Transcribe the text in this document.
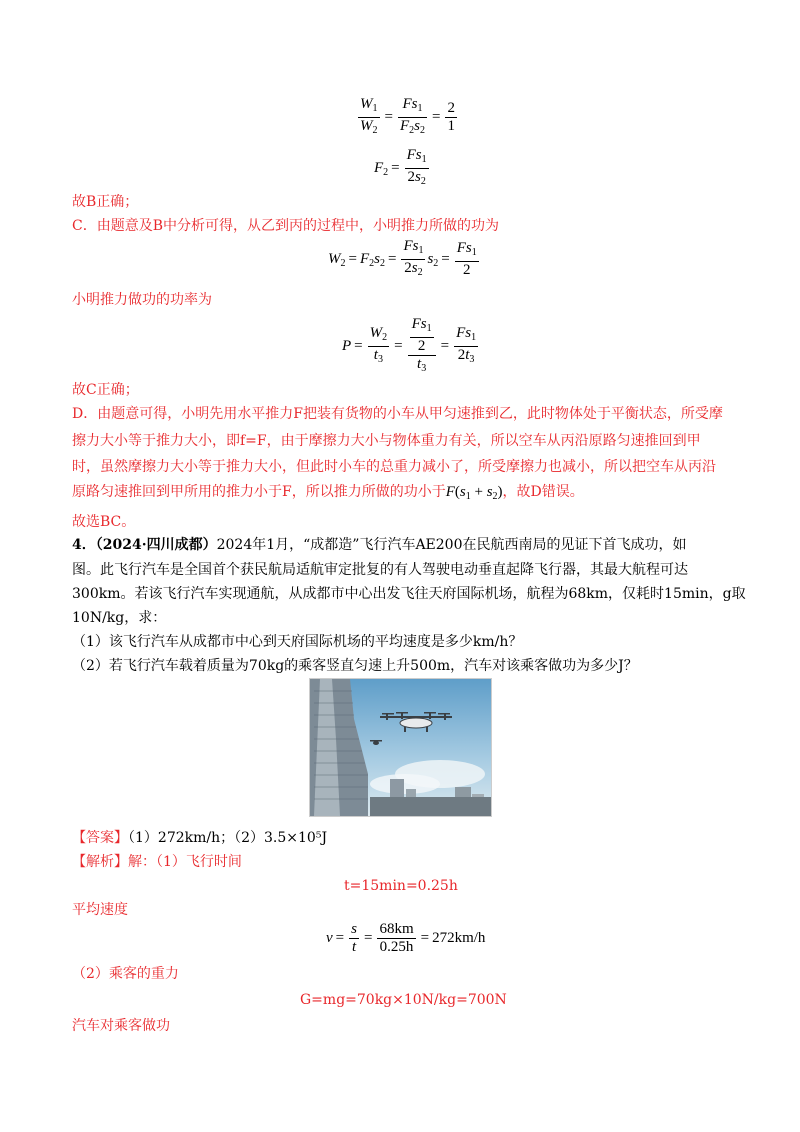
$\frac{W_1}{W_2} = \frac{Fs_1}{F_2s_2} = \frac{2}{1}$
$F_2 = \frac{Fs_1}{2s_2}$
故B正确；
C．由题意及B中分析可得，从乙到丙的过程中，小明推力所做的功为
$W_2 = F_2s_2 = \frac{Fs_1}{2s_2} s_2 = \frac{Fs_1}{2}$
小明推力做功的功率为
$P = \frac{W_2}{t_3} = \frac{\frac{Fs_1}{2}}{t_3} = \frac{Fs_1}{2t_3}$
故C正确；
D．由题意可得，小明先用水平推力F把装有货物的小车从甲匀速推到乙，此时物体处于平衡状态，所受摩
擦力大小等于推力大小，即f=F，由于摩擦力大小与物体重力有关，所以空车从丙沿原路匀速推回到甲
时，虽然摩擦力大小等于推力大小，但此时小车的总重力减小了，所受摩擦力也减小，所以把空车从丙沿
原路匀速推回到甲所用的推力小于F，所以推力所做的功小于$F(s_1 + s_2)$，故D错误。
故选BC。
4．（2024·四川成都）2024年1月，“成都造”飞行汽车AE200在民航西南局的见证下首飞成功，如
图。此飞行汽车是全国首个获民航局适航审定批复的有人驾驶电动垂直起降飞行器，其最大航程可达
300km。若该飞行汽车实现通航，从成都市中心出发飞往天府国际机场，航程为68km，仅耗时15min，g取
10N/kg，求：
（1）该飞行汽车从成都市中心到天府国际机场的平均速度是多少km/h？
（2）若飞行汽车载着质量为70kg的乘客竖直匀速上升500m，汽车对该乘客做功为多少J？
【答案】（1）272km/h；（2）3.5×10⁵J
【解析】解：（1）飞行时间
t=15min=0.25h
平均速度
$v = \frac{s}{t} = \frac{68km}{0.25h} = 272km/h$
（2）乘客的重力
G=mg=70kg×10N/kg=700N
汽车对乘客做功
